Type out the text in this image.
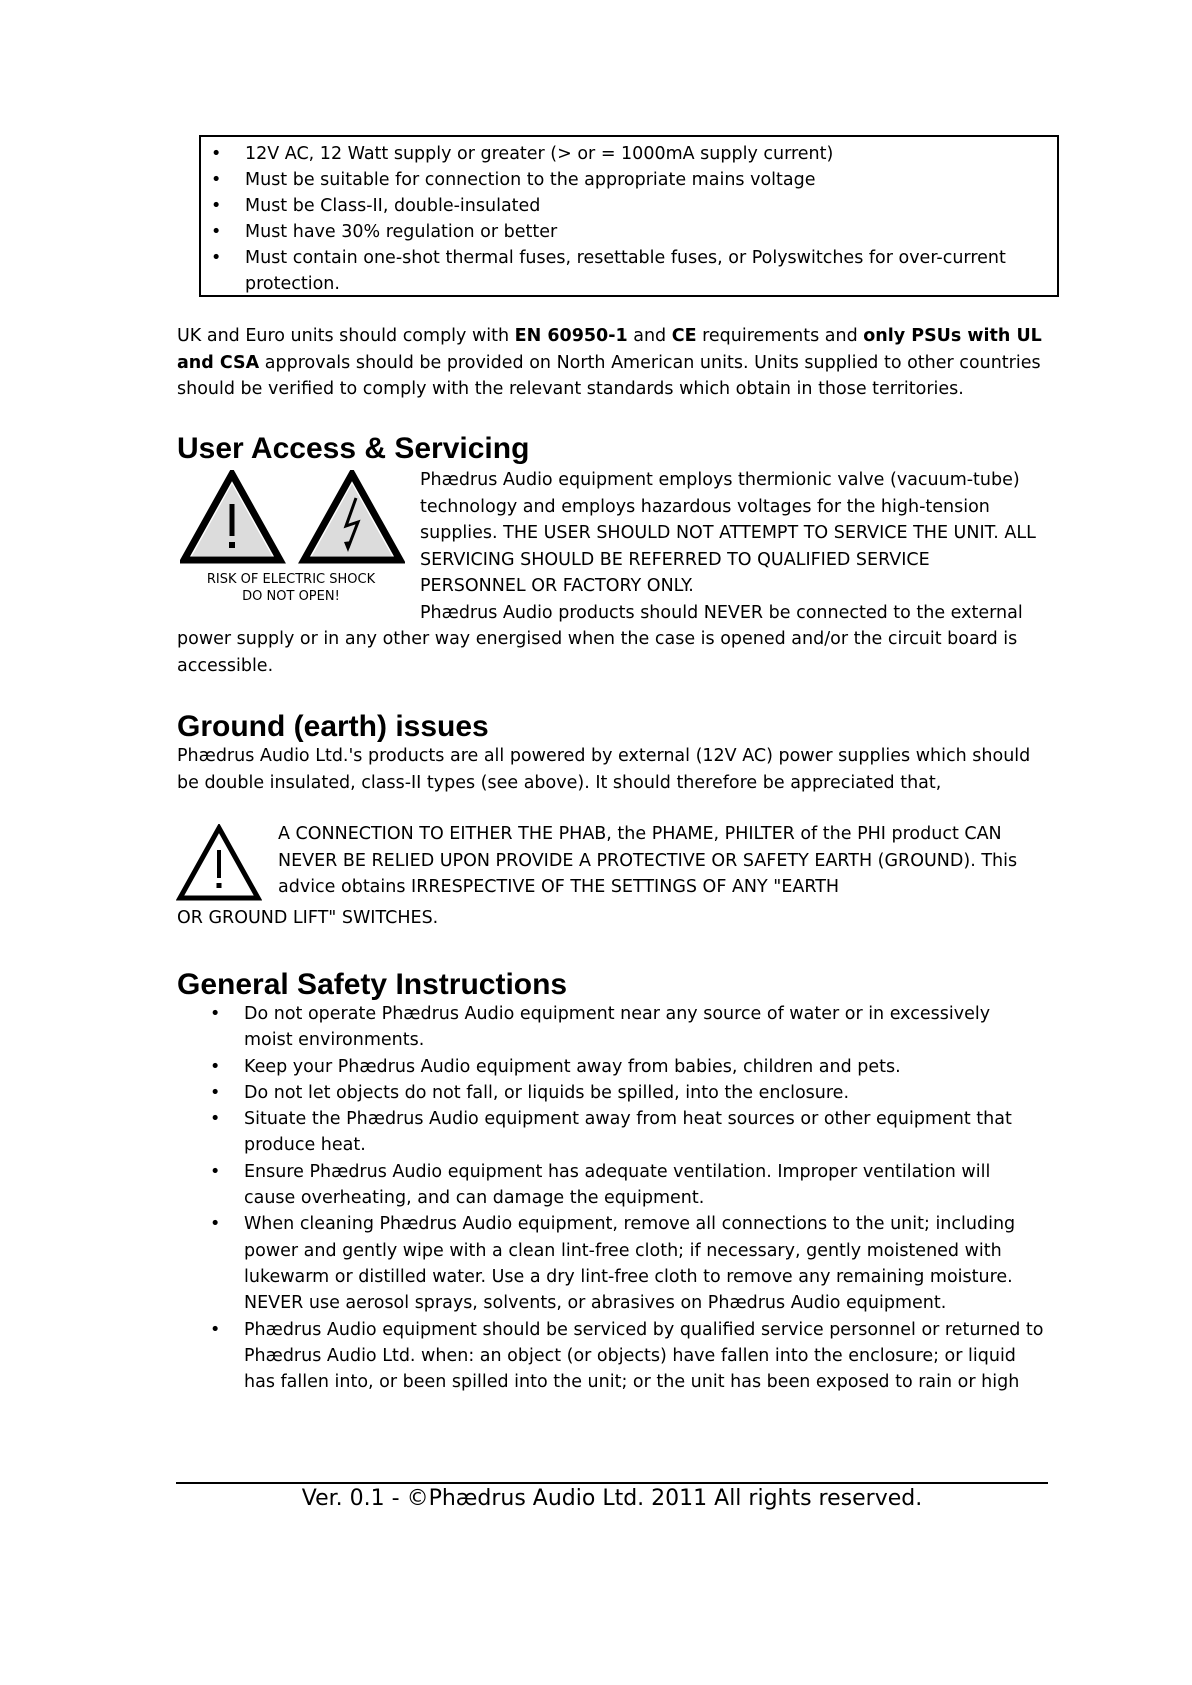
• 12V AC, 12 Watt supply or greater (> or = 1000mA supply current)
• Must be suitable for connection to the appropriate mains voltage
• Must be Class-II, double-insulated
• Must have 30% regulation or better
• Must contain one-shot thermal fuses, resettable fuses, or Polyswitches for over-current protection.

UK and Euro units should comply with EN 60950-1 and CE requirements and only PSUs with UL and CSA approvals should be provided on North American units. Units supplied to other countries should be verified to comply with the relevant standards which obtain in those territories.

User Access & Servicing
RISK OF ELECTRIC SHOCK
DO NOT OPEN!
Phædrus Audio equipment employs thermionic valve (vacuum-tube) technology and employs hazardous voltages for the high-tension supplies. THE USER SHOULD NOT ATTEMPT TO SERVICE THE UNIT. ALL SERVICING SHOULD BE REFERRED TO QUALIFIED SERVICE PERSONNEL OR FACTORY ONLY.
Phædrus Audio products should NEVER be connected to the external
power supply or in any other way energised when the case is opened and/or the circuit board is accessible.
Ground (earth) issues
Phædrus Audio Ltd.'s products are all powered by external (12V AC) power supplies which should be double insulated, class-II types (see above). It should therefore be appreciated that,
A CONNECTION TO EITHER THE PHAB, the PHAME, PHILTER of the PHI product CAN NEVER BE RELIED UPON PROVIDE A PROTECTIVE OR SAFETY EARTH (GROUND). This advice obtains IRRESPECTIVE OF THE SETTINGS OF ANY "EARTH
OR GROUND LIFT" SWITCHES.
General Safety Instructions
• Do not operate Phædrus Audio equipment near any source of water or in excessively moist environments.
• Keep your Phædrus Audio equipment away from babies, children and pets.
• Do not let objects do not fall, or liquids be spilled, into the enclosure.
• Situate the Phædrus Audio equipment away from heat sources or other equipment that produce heat.
• Ensure Phædrus Audio equipment has adequate ventilation. Improper ventilation will cause overheating, and can damage the equipment.
• When cleaning Phædrus Audio equipment, remove all connections to the unit; including power and gently wipe with a clean lint-free cloth; if necessary, gently moistened with lukewarm or distilled water. Use a dry lint-free cloth to remove any remaining moisture. NEVER use aerosol sprays, solvents, or abrasives on Phædrus Audio equipment.
• Phædrus Audio equipment should be serviced by qualified service personnel or returned to Phædrus Audio Ltd. when: an object (or objects) have fallen into the enclosure; or liquid has fallen into, or been spilled into the unit; or the unit has been exposed to rain or high
Ver. 0.1 - ©Phædrus Audio Ltd. 2011 All rights reserved.
